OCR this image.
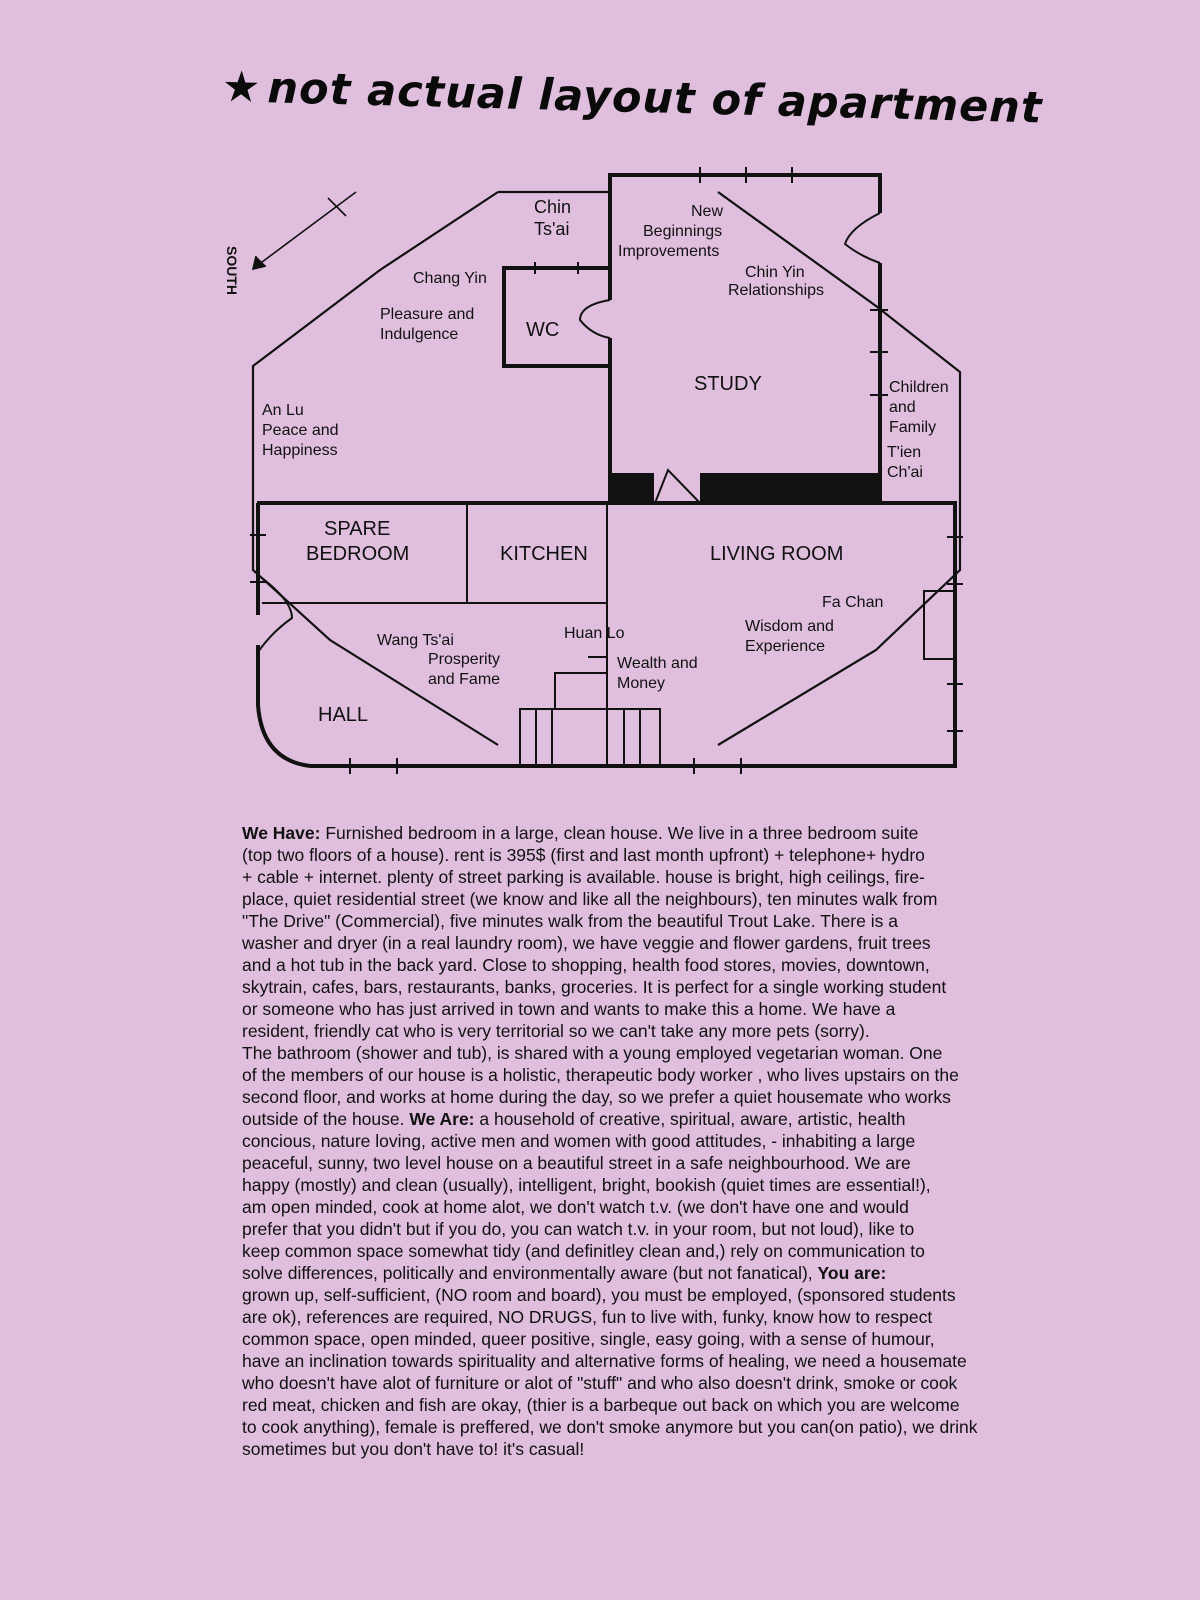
★ not actual layout of apartment
SOUTH
WC
STUDY
SPARE
BEDROOM	KITCHEN	LIVING ROOM
HALL
Chin
Ts'ai
New
Beginnings
Improvements
Chang Yin
Pleasure and
Indulgence
Chin Yin
Relationships
An Lu
Peace and
Happiness
Children
and
Family
T'ien
Ch'ai
Fa Chan
Wisdom and
Experience
Wang Ts'ai
Prosperity
and Fame
Huan Lo
Wealth and
Money
We Have: Furnished bedroom in a large, clean house. We live in a three bedroom suite
(top two floors of a house). rent is 395$ (first and last month upfront) + telephone+ hydro
+ cable + internet. plenty of street parking is available. house is bright, high ceilings, fire-
place, quiet residential street (we know and like all the neighbours), ten minutes walk from
"The Drive" (Commercial), five minutes walk from the beautiful Trout Lake. There is a
washer and dryer (in a real laundry room), we have veggie and flower gardens, fruit trees
and a hot tub in the back yard. Close to shopping, health food stores, movies, downtown,
skytrain, cafes, bars, restaurants, banks, groceries. It is perfect for a single working student
or someone who has just arrived in town and wants to make this a home. We have a
resident, friendly cat who is very territorial so we can't take any more pets (sorry).
The bathroom (shower and tub), is shared with a young employed vegetarian woman. One
of the members of our house is a holistic, therapeutic body worker , who lives upstairs on the
second floor, and works at home during the day, so we prefer a quiet housemate who works
outside of the house. We Are: a household of creative, spiritual, aware, artistic, health
concious, nature loving, active men and women with good attitudes, - inhabiting a large
peaceful, sunny, two level house on a beautiful street in a safe neighbourhood. We are
happy (mostly) and clean (usually), intelligent, bright, bookish (quiet times are essential!),
am open minded, cook at home alot, we don't watch t.v. (we don't have one and would
prefer that you didn't but if you do, you can watch t.v. in your room, but not loud), like to
keep common space somewhat tidy (and definitley clean and,) rely on communication to
solve differences, politically and environmentally aware (but not fanatical), You are:
grown up, self-sufficient, (NO room and board), you must be employed, (sponsored students
are ok), references are required, NO DRUGS, fun to live with, funky, know how to respect
common space, open minded, queer positive, single, easy going, with a sense of humour,
have an inclination towards spirituality and alternative forms of healing, we need a housemate
who doesn't have alot of furniture or alot of "stuff" and who also doesn't drink, smoke or cook
red meat, chicken and fish are okay, (thier is a barbeque out back on which you are welcome
to cook anything), female is preffered, we don't smoke anymore but you can(on patio), we drink
sometimes but you don't have to! it's casual!
